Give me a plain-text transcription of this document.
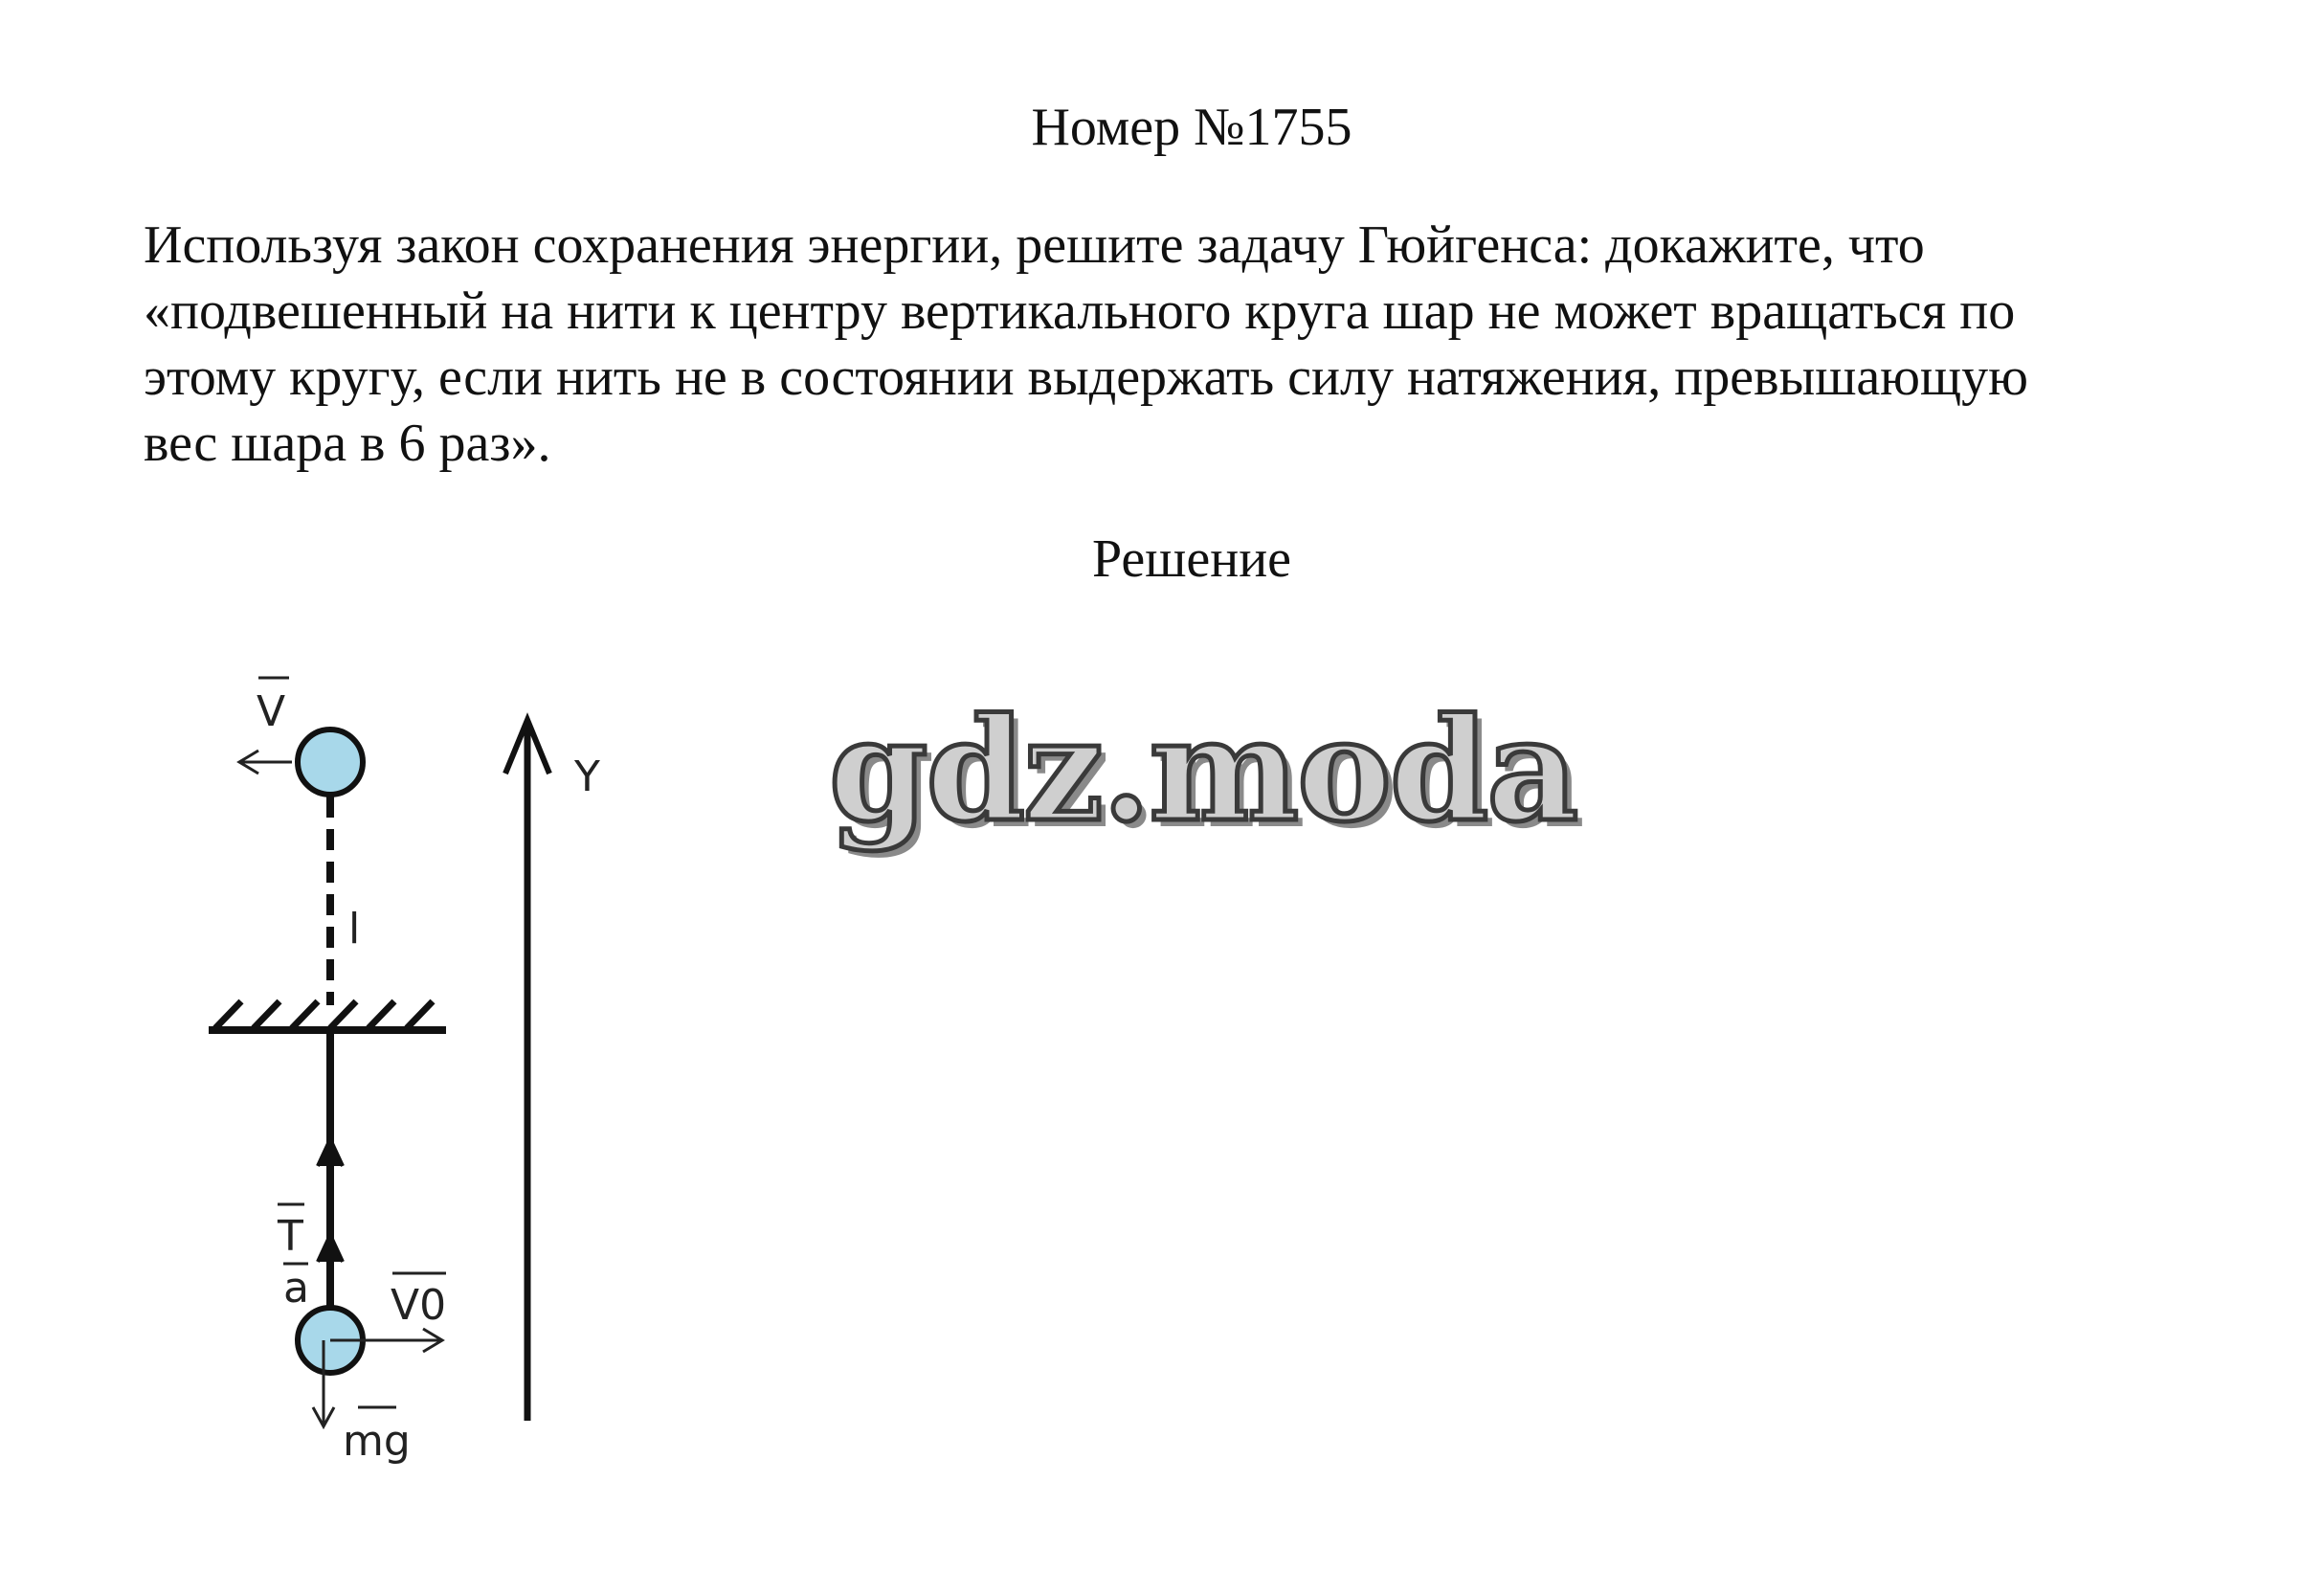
Номер №1755
Используя закон сохранения энергии, решите задачу Гюйгенса: докажите, что
«подвешенный на нити к центру вертикального круга шар не может вращаться по
этому кругу, если нить не в состоянии выдержать силу натяжения, превышающую
вес шара в 6 раз».
Решение
V
l
T
a V0
mg
Y gdz.moda
